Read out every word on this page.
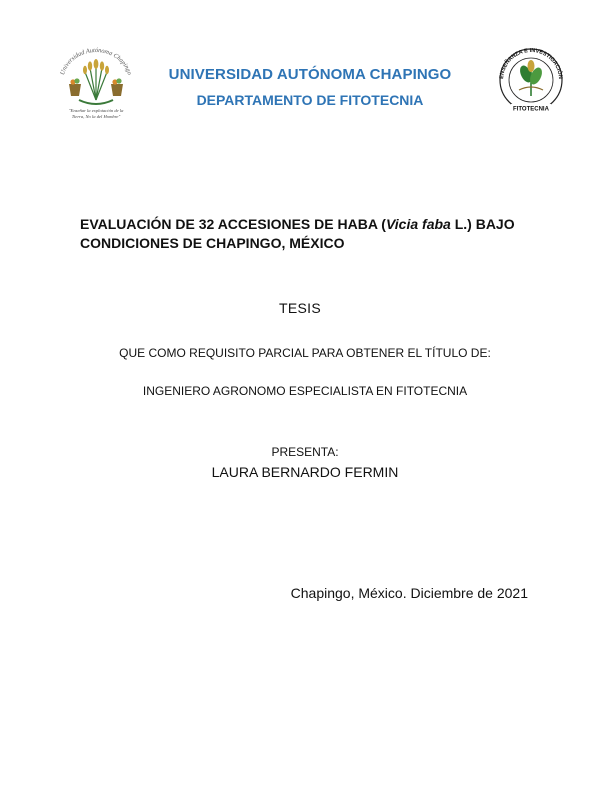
Universidad Autónoma Chapingo
"Enseñar la explotación de la
Tierra, No la del Hombre"
UNIVERSIDAD AUTÓNOMA CHAPINGO
DEPARTAMENTO DE FITOTECNIA
ENSEÑANZA E INVESTIGACIÓN
FITOTECNIA
EVALUACIÓN DE 32 ACCESIONES DE HABA (Vicia faba L.) BAJO CONDICIONES DE CHAPINGO, MÉXICO
TESIS
QUE COMO REQUISITO PARCIAL PARA OBTENER EL TÍTULO DE:
INGENIERO AGRONOMO ESPECIALISTA EN FITOTECNIA
PRESENTA:
LAURA BERNARDO FERMIN
Chapingo, México. Diciembre de 2021
